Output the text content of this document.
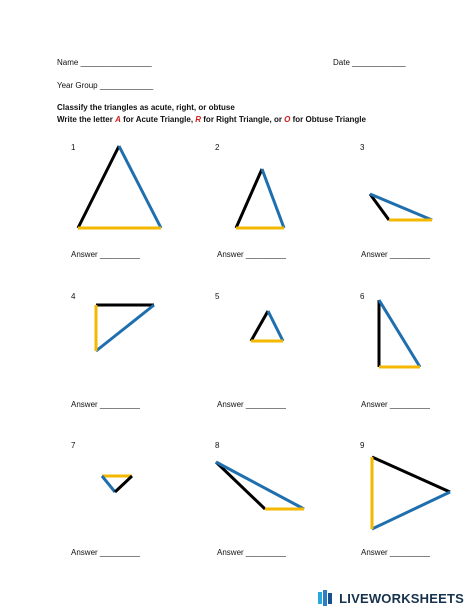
Name ________________	Date ____________
Year Group ____________
Classify the triangles as acute, right, or obtuse
Write the letter A for Acute Triangle, R for Right Triangle, or O for Obtuse Triangle
1
Answer _________
2
Answer _________
3
Answer _________
4
Answer _________
5
Answer _________
6
Answer _________
7
Answer _________
8
Answer _________
9
Answer _________
LIVEWORKSHEETS
